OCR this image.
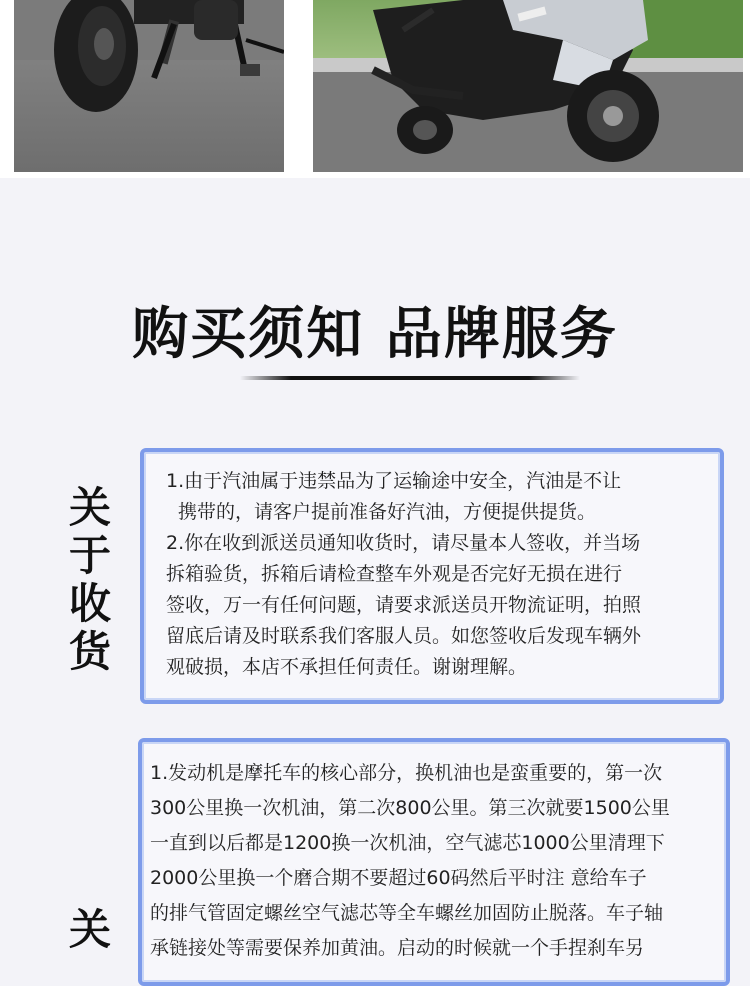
购买须知 品牌服务
关
于
收
货

1.由于汽油属于违禁品为了运输途中安全，汽油是不让

携带的，请客户提前准备好汽油，方便提供提货。

2.你在收到派送员通知收货时，请尽量本人签收，并当场

拆箱验货，拆箱后请检查整车外观是否完好无损在进行

签收，万一有任何问题，请要求派送员开物流证明，拍照

留底后请及时联系我们客服人员。如您签收后发现车辆外

观破损，本店不承担任何责任。谢谢理解。

关

1.发动机是摩托车的核心部分，换机油也是蛮重要的，第一次

300公里换一次机油，第二次800公里。第三次就要1500公里

一直到以后都是1200换一次机油，空气滤芯1000公里清理下

2000公里换一个磨合期不要超过60码然后平时注 意给车子

的排气管固定螺丝空气滤芯等全车螺丝加固防止脱落。车子轴

承链接处等需要保养加黄油。启动的时候就一个手捏刹车另
